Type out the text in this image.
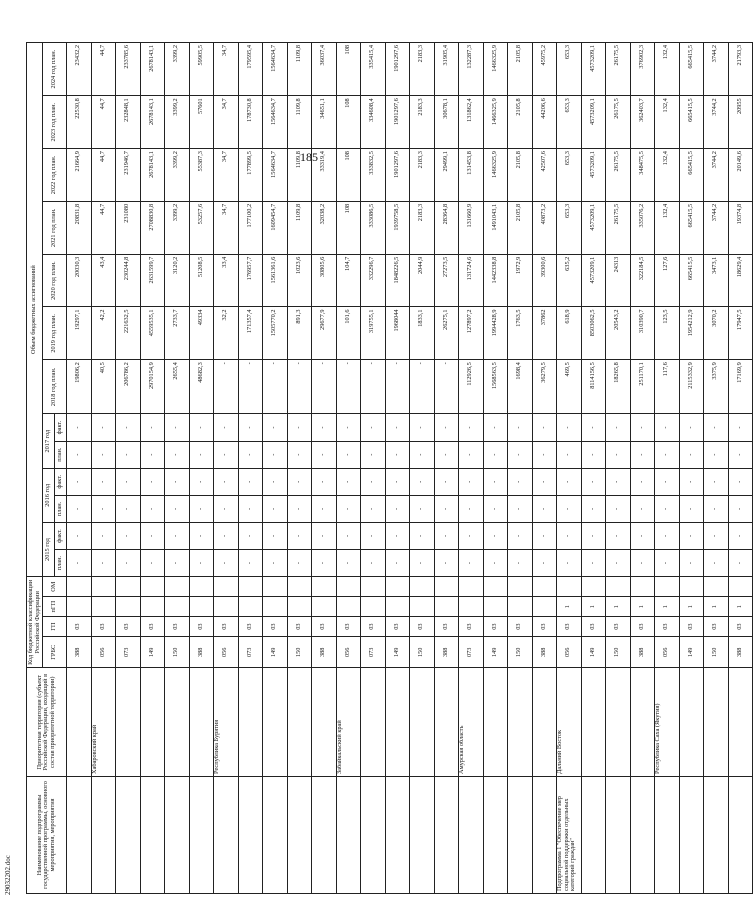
185
29032202.doc	Наименование подпрограммы государственной программы, основного мероприятия, мероприятия	Приоритетная территория (субъект Российской Федерации, входящий в состав приоритетной территории)	Код бюджетной классификации Российской Федерации				Объем бюджетных ассигнований												
		ГРБС	ГП	пГП	ОМ	2015 год		2016 год		2017 год		2018 год план.	2019 год план.	2020 год план.	2021 год план.	2022 год план.	2023 год план.	2024 год план.
						план.	факт.	план.	факт.	план.	факт.							
		388	03			-	-	-	-	-	-	19806,2	19297,1	20030,3	20831,8	21664,9	22530,8	23432,2
	Хабаровский край	056	03			-	-	-	-	-	-	40,5	42,2	43,4	44,7	44,7	44,7	44,7
		073	03			-	-	-	-	-	-	206786,2	221632,5	230244,8	231080	231946,7	232848,1	233785,6
		149	03			-	-	-	-	-	-	2970154,9	4559535,1	2631599,7	2708830,8	2678143,1	2678143,1	2678143,1
		150	03			-	-	-	-	-	-	2655,4	2733,7	3120,2	3399,2	3399,2	3399,2	3399,2
		388	03			-	-	-	-	-	-	48682,3	49334	51208,5	53257,6	55387,3	57601	59905,5
	Республика Бурятия	056	03			-	-	-	-	-	-	-	32,2	33,4	34,7	34,7	34,7	34,7
		073	03			-	-	-	-	-	-	-	171357,4	176957,7	177100,2	177899,5	178730,8	179595,4
		149	03			-	-	-	-	-	-	-	1505770,2	1561361,6	1609454,7	1564634,7	1564634,7	1564634,7
		150	03			-	-	-	-	-	-	-	891,3	1023,6	1109,8	1109,8	1109,8	1109,8
		388	03			-	-	-	-	-	-	-	29677,9	30805,6	32038,2	33319,4	34651,1	36037,4
	Забайкальский край	056	03			-	-	-	-	-	-	-	101,6	104,7	108	108	108	108
		073	03			-	-	-	-	-	-	-	319755,1	332296,7	333086,5	333832,5	334608,4	335415,4
		149	03			-	-	-	-	-	-	-	1968044	1848226,5	1939758,5	1901297,6	1901297,6	1901297,6
		150	03			-	-	-	-	-	-	-	1833,1	2044,9	2183,3	2183,3	2183,3	2183,3
		388	03			-	-	-	-	-	-	-	26275,1	27273,5	28364,8	29499,1	30678,1	31905,4
	Амурская область	073	03			-	-	-	-	-	-	112926,5	127897,2	131724,6	131660,9	131453,8	131862,4	132287,3
		149	03			-	-	-	-	-	-	1568563,5	1994428,9	1442338,8	1491043,1	1466325,9	1466325,9	1466325,9
		150	03			-	-	-	-	-	-	1698,4	1763,5	1972,9	2105,8	2105,8	2105,8	2105,8
		388	03			-	-	-	-	-	-	36279,5	37862	39300,6	40873,2	42507,6	44206,6	45975,2
Подпрограмма 1 "Обеспечение мер социальной поддержки отдельных категорий граждан"	Дальний Восток	056	03	1		-	-	-	-	-	-	469,5	618,9	635,2	653,3	653,3	653,3	653,3
		149	03	1		-	-	-	-	-	-	8114156,5	8503062,5	4573209,1	4573209,1	4573209,1	4573209,1	4573209,1
		150	03	1		-	-	-	-	-	-	18265,8	20543,2	24313	26175,5	26175,5	26175,5	26175,5
		388	03	1		-	-	-	-	-	-	251170,1	310390,7	322184,5	335076,2	348475,5	362403,7	376902,3
	Республика Саха (Якутия)	056	03	1		-	-	-	-	-	-	117,6	123,5	127,6	132,4	132,4	132,4	132,4
		149	03	1		-	-	-	-	-	-	2115332,9	1954212,9	665415,5	665415,5	665415,5	665415,5	665415,5
		150	03	1		-	-	-	-	-	-	3375,9	3070,2	3473,1	3744,2	3744,2	3744,2	3744,2
		388	03	1		-	-	-	-	-	-	17169,9	17947,5	18629,4	19374,8	20149,6	20955	21793,3
